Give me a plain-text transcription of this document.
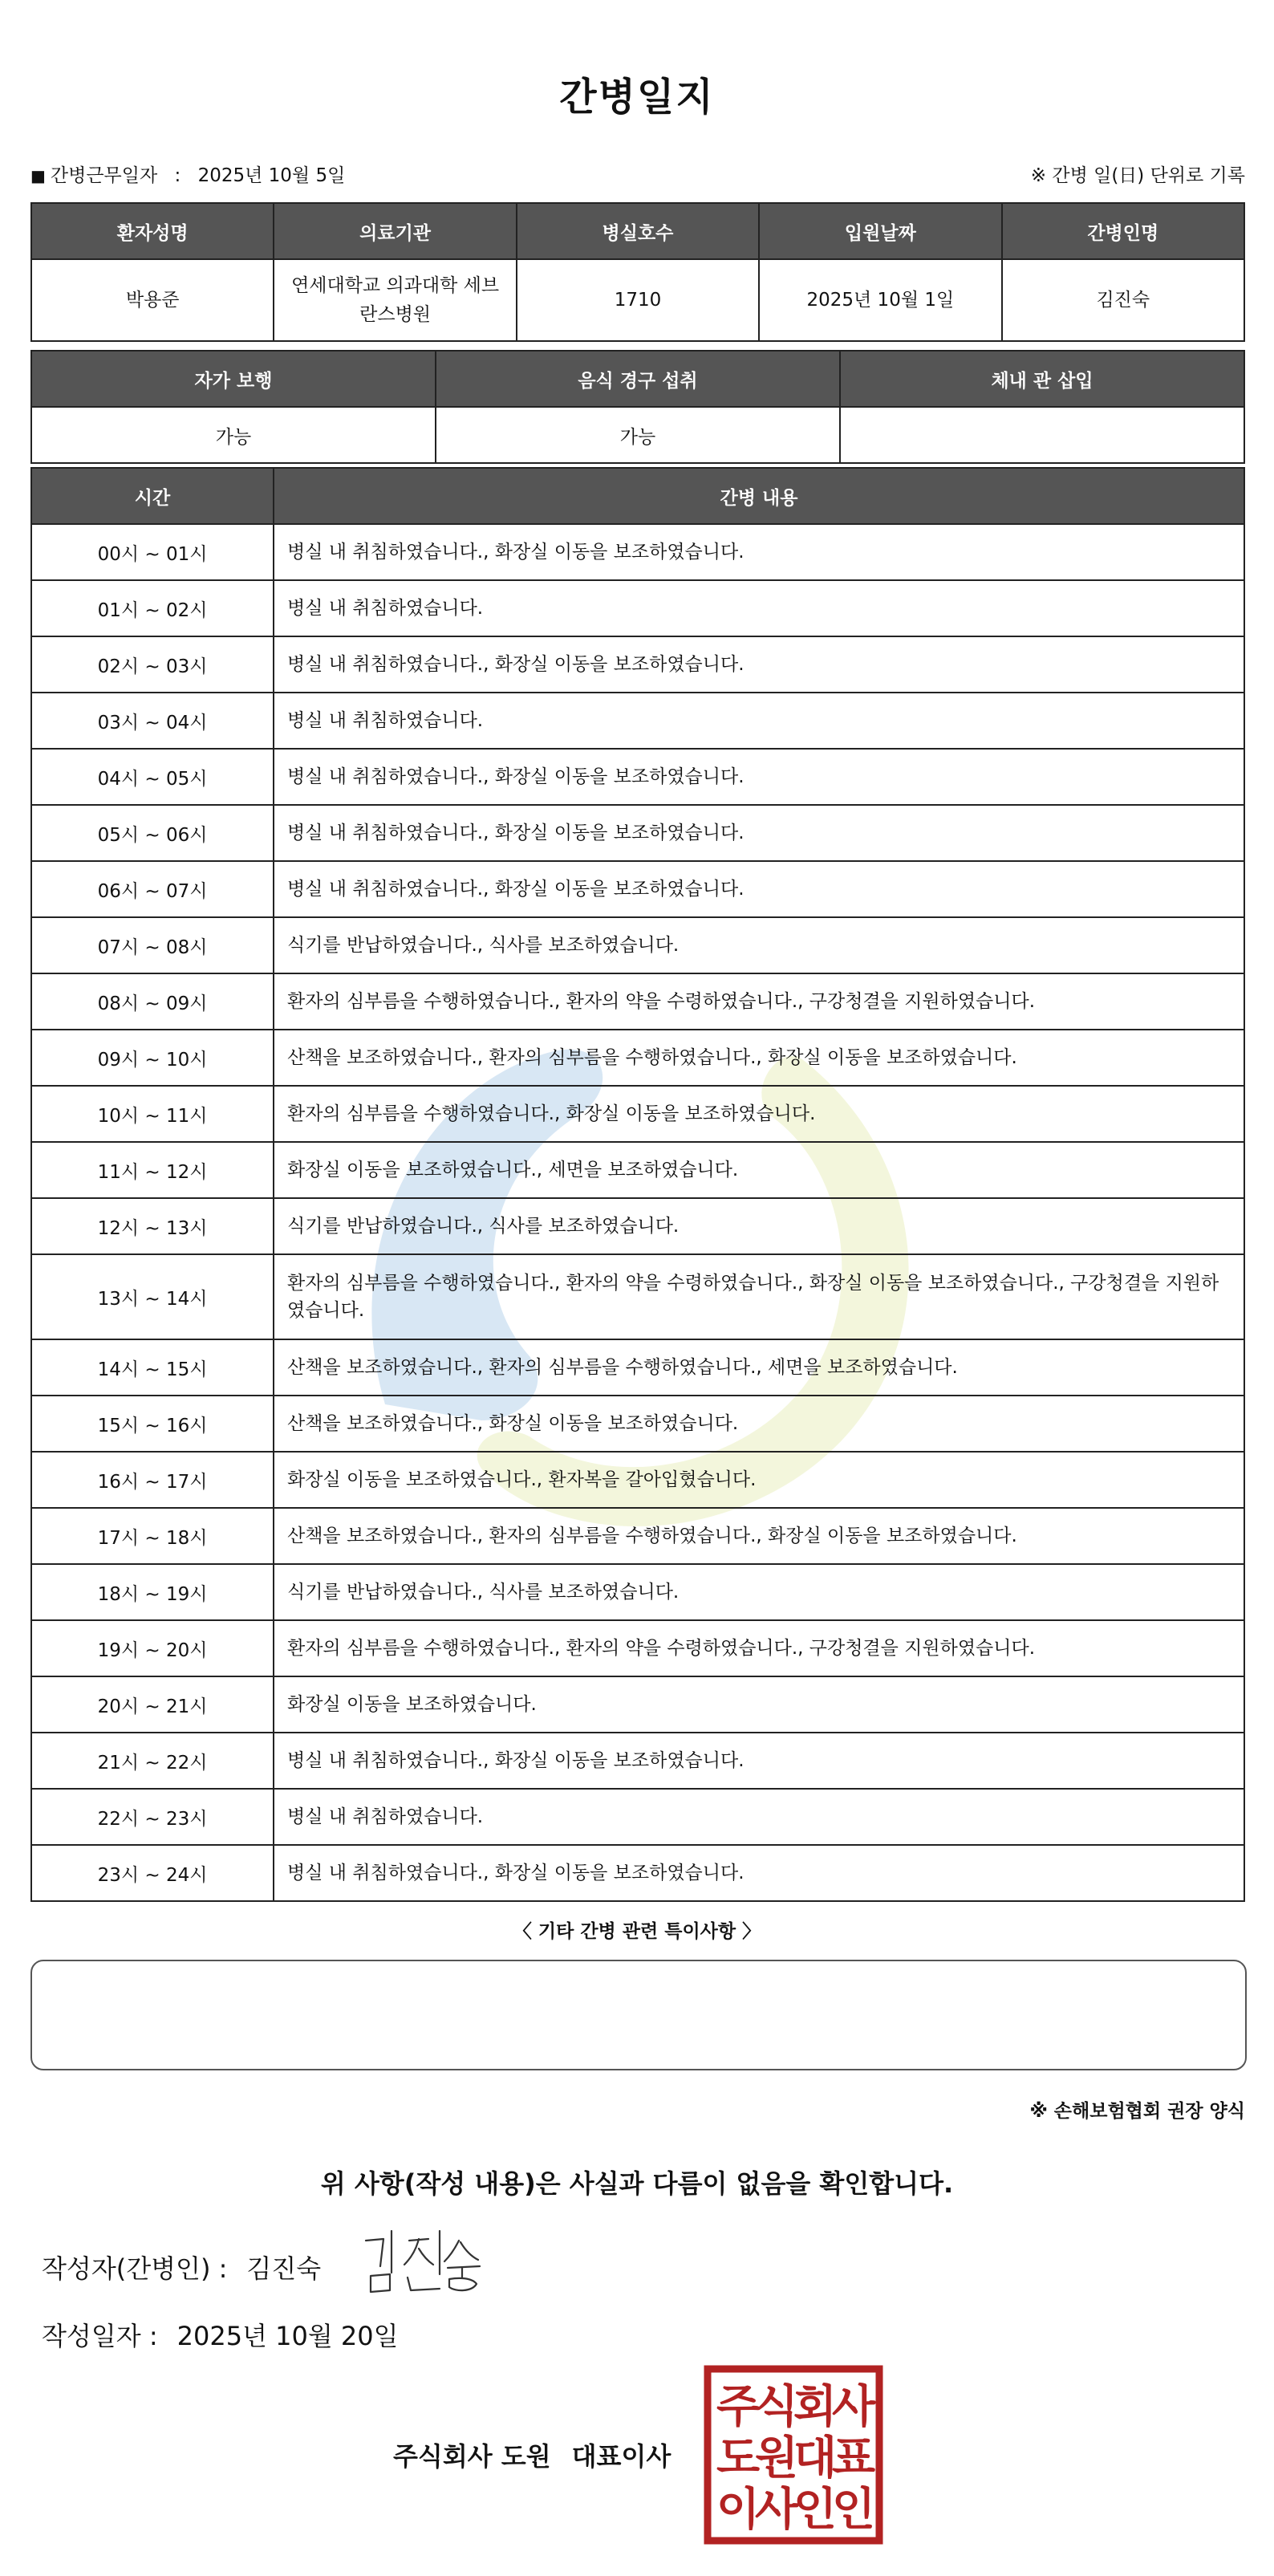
간병일지
■ 간병근무일자 : 2025년 10월 5일	※ 간병 일(日) 단위로 기록
환자성명	의료기관	병실호수	입원날짜	간병인명
박용준	연세대학교 의과대학 세브란스병원	1710	2025년 10월 1일	김진숙
자가 보행	음식 경구 섭취	체내 관 삽입
가능	가능	
시간	간병 내용
00시 ~ 01시	병실 내 취침하였습니다., 화장실 이동을 보조하였습니다.
01시 ~ 02시	병실 내 취침하였습니다.
02시 ~ 03시	병실 내 취침하였습니다., 화장실 이동을 보조하였습니다.
03시 ~ 04시	병실 내 취침하였습니다.
04시 ~ 05시	병실 내 취침하였습니다., 화장실 이동을 보조하였습니다.
05시 ~ 06시	병실 내 취침하였습니다., 화장실 이동을 보조하였습니다.
06시 ~ 07시	병실 내 취침하였습니다., 화장실 이동을 보조하였습니다.
07시 ~ 08시	식기를 반납하였습니다., 식사를 보조하였습니다.
08시 ~ 09시	환자의 심부름을 수행하였습니다., 환자의 약을 수령하였습니다., 구강청결을 지원하였습니다.
09시 ~ 10시	산책을 보조하였습니다., 환자의 심부름을 수행하였습니다., 화장실 이동을 보조하였습니다.
10시 ~ 11시	환자의 심부름을 수행하였습니다., 화장실 이동을 보조하였습니다.
11시 ~ 12시	화장실 이동을 보조하였습니다., 세면을 보조하였습니다.
12시 ~ 13시	식기를 반납하였습니다., 식사를 보조하였습니다.
13시 ~ 14시	환자의 심부름을 수행하였습니다., 환자의 약을 수령하였습니다., 화장실 이동을 보조하였습니다., 구강청결을 지원하였습니다.
14시 ~ 15시	산책을 보조하였습니다., 환자의 심부름을 수행하였습니다., 세면을 보조하였습니다.
15시 ~ 16시	산책을 보조하였습니다., 화장실 이동을 보조하였습니다.
16시 ~ 17시	화장실 이동을 보조하였습니다., 환자복을 갈아입혔습니다.
17시 ~ 18시	산책을 보조하였습니다., 환자의 심부름을 수행하였습니다., 화장실 이동을 보조하였습니다.
18시 ~ 19시	식기를 반납하였습니다., 식사를 보조하였습니다.
19시 ~ 20시	환자의 심부름을 수행하였습니다., 환자의 약을 수령하였습니다., 구강청결을 지원하였습니다.
20시 ~ 21시	화장실 이동을 보조하였습니다.
21시 ~ 22시	병실 내 취침하였습니다., 화장실 이동을 보조하였습니다.
22시 ~ 23시	병실 내 취침하였습니다.
23시 ~ 24시	병실 내 취침하였습니다., 화장실 이동을 보조하였습니다.
〈 기타 간병 관련 특이사항 〉
※ 손해보험협회 권장 양식
위 사항(작성 내용)은 사실과 다름이 없음을 확인합니다.
작성자(간병인) : 김진숙
작성일자 : 2025년 10월 20일
주식회사 도원 대표이사
주
식
회
사
도
원
대
표
이
사
인
인
